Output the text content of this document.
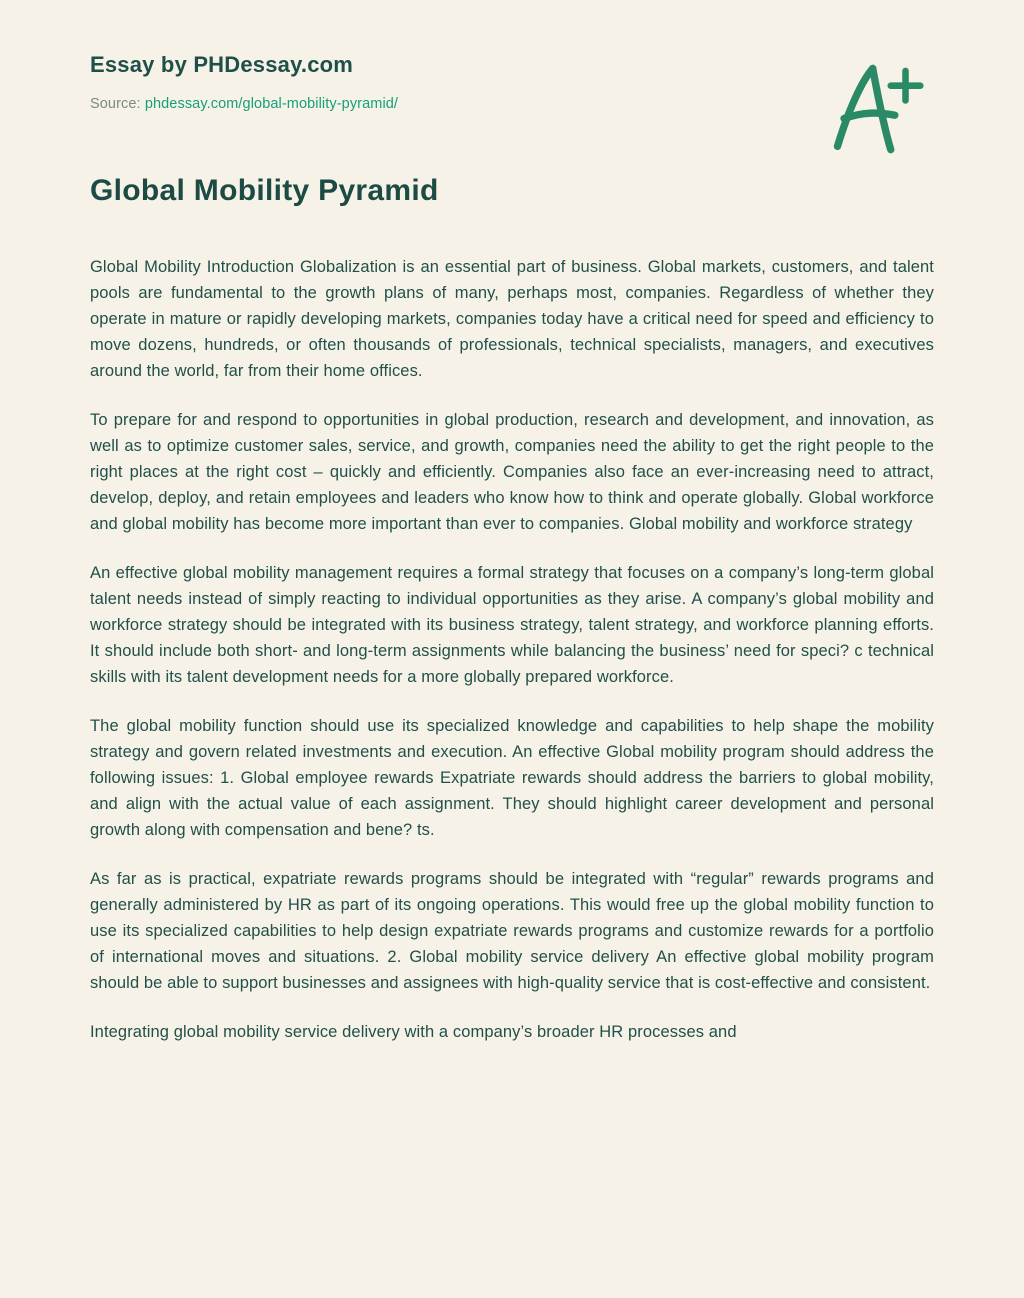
Essay by PHDessay.com
Source: phdessay.com/global-mobility-pyramid/
Global Mobility Pyramid

Global Mobility Introduction Globalization is an essential part of business. Global markets, customers, and talent pools are fundamental to the growth plans of many, perhaps most, companies. Regardless of whether they operate in mature or rapidly developing markets, companies today have a critical need for speed and efficiency to move dozens, hundreds, or often thousands of professionals, technical specialists, managers, and executives around the world, far from their home offices.

To prepare for and respond to opportunities in global production, research and development, and innovation, as well as to optimize customer sales, service, and growth, companies need the ability to get the right people to the right places at the right cost – quickly and efficiently. Companies also face an ever-increasing need to attract, develop, deploy, and retain employees and leaders who know how to think and operate globally. Global workforce and global mobility has become more important than ever to companies. Global mobility and workforce strategy

An effective global mobility management requires a formal strategy that focuses on a company’s long-term global talent needs instead of simply reacting to individual opportunities as they arise. A company’s global mobility and workforce strategy should be integrated with its business strategy, talent strategy, and workforce planning efforts. It should include both short- and long-term assignments while balancing the business’ need for speci? c technical skills with its talent development needs for a more globally prepared workforce.

The global mobility function should use its specialized knowledge and capabilities to help shape the mobility strategy and govern related investments and execution. An effective Global mobility program should address the following issues: 1. Global employee rewards Expatriate rewards should address the barriers to global mobility, and align with the actual value of each assignment. They should highlight career development and personal growth along with compensation and bene? ts.

As far as is practical, expatriate rewards programs should be integrated with “regular” rewards programs and generally administered by HR as part of its ongoing operations. This would free up the global mobility function to use its specialized capabilities to help design expatriate rewards programs and customize rewards for a portfolio of international moves and situations. 2. Global mobility service delivery An effective global mobility program should be able to support businesses and assignees with high-quality service that is cost-effective and consistent.

Integrating global mobility service delivery with a company’s broader HR processes and
